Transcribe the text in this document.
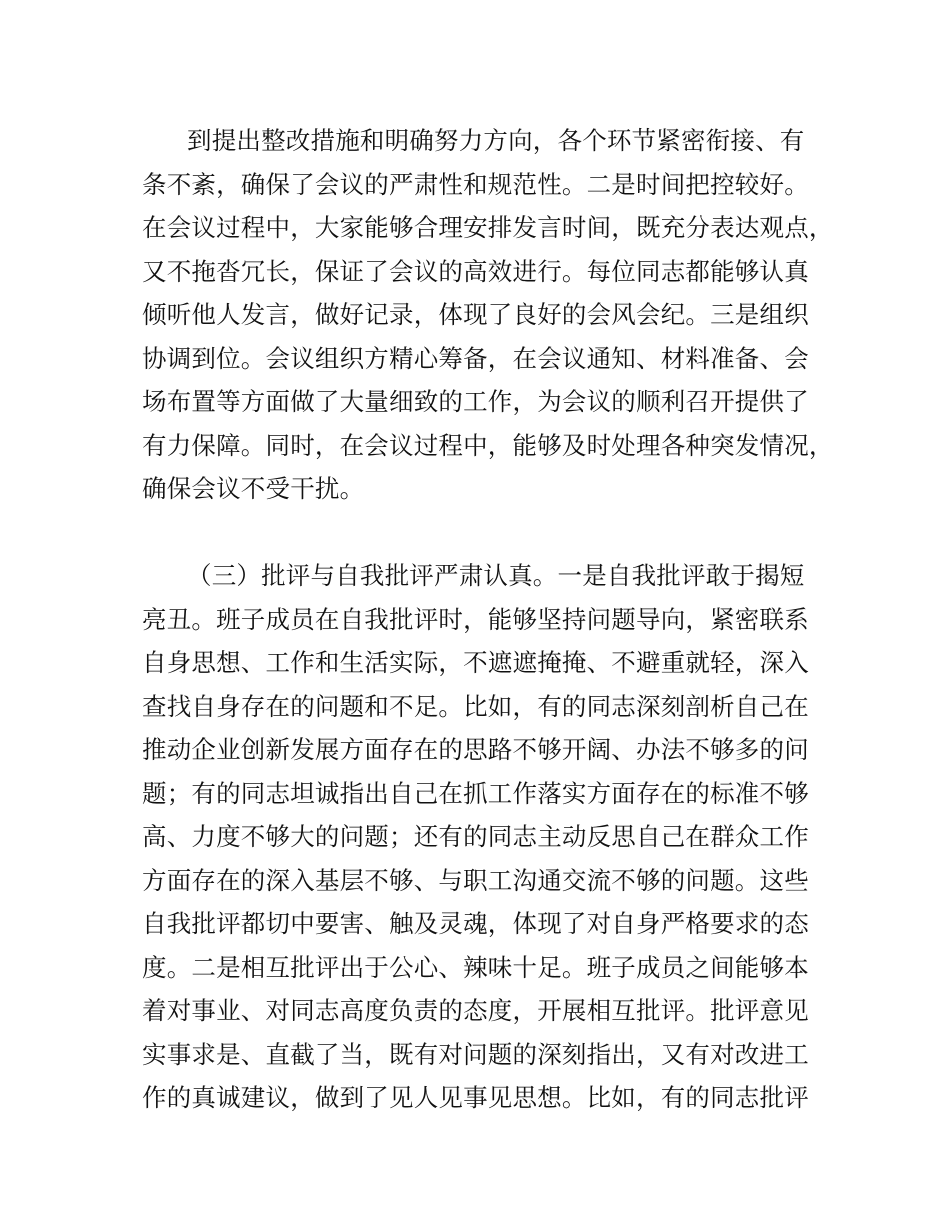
到提出整改措施和明确努力方向，各个环节紧密衔接、有
条不紊，确保了会议的严肃性和规范性。二是时间把控较好。
在会议过程中，大家能够合理安排发言时间，既充分表达观点，
又不拖沓冗长，保证了会议的高效进行。每位同志都能够认真
倾听他人发言，做好记录，体现了良好的会风会纪。三是组织
协调到位。会议组织方精心筹备，在会议通知、材料准备、会
场布置等方面做了大量细致的工作，为会议的顺利召开提供了
有力保障。同时，在会议过程中，能够及时处理各种突发情况，
确保会议不受干扰。
（三）批评与自我批评严肃认真。一是自我批评敢于揭短
亮丑。班子成员在自我批评时，能够坚持问题导向，紧密联系
自身思想、工作和生活实际，不遮遮掩掩、不避重就轻，深入
查找自身存在的问题和不足。比如，有的同志深刻剖析自己在
推动企业创新发展方面存在的思路不够开阔、办法不够多的问
题；有的同志坦诚指出自己在抓工作落实方面存在的标准不够
高、力度不够大的问题；还有的同志主动反思自己在群众工作
方面存在的深入基层不够、与职工沟通交流不够的问题。这些
自我批评都切中要害、触及灵魂，体现了对自身严格要求的态
度。二是相互批评出于公心、辣味十足。班子成员之间能够本
着对事业、对同志高度负责的态度，开展相互批评。批评意见
实事求是、直截了当，既有对问题的深刻指出，又有对改进工
作的真诚建议，做到了见人见事见思想。比如，有的同志批评
